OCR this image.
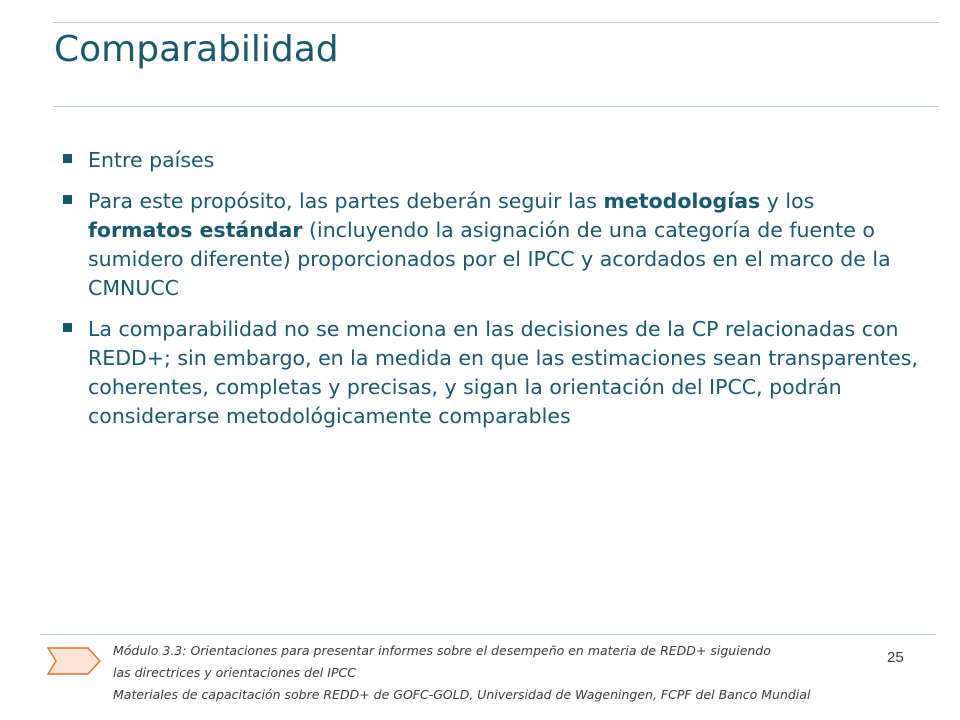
Comparabilidad
Entre países
Para este propósito, las partes deberán seguir las metodologías y los formatos estándar (incluyendo la asignación de una categoría de fuente o sumidero diferente) proporcionados por el IPCC y acordados en el marco de la CMNUCC
La comparabilidad no se menciona en las decisiones de la CP relacionadas con REDD+; sin embargo, en la medida en que las estimaciones sean transparentes, coherentes, completas y precisas, y sigan la orientación del IPCC, podrán considerarse metodológicamente comparables
Módulo 3.3: Orientaciones para presentar informes sobre el desempeño en materia de REDD+ siguiendo
las directrices y orientaciones del IPCC
Materiales de capacitación sobre REDD+ de GOFC-GOLD, Universidad de Wageningen, FCPF del Banco Mundial
25
